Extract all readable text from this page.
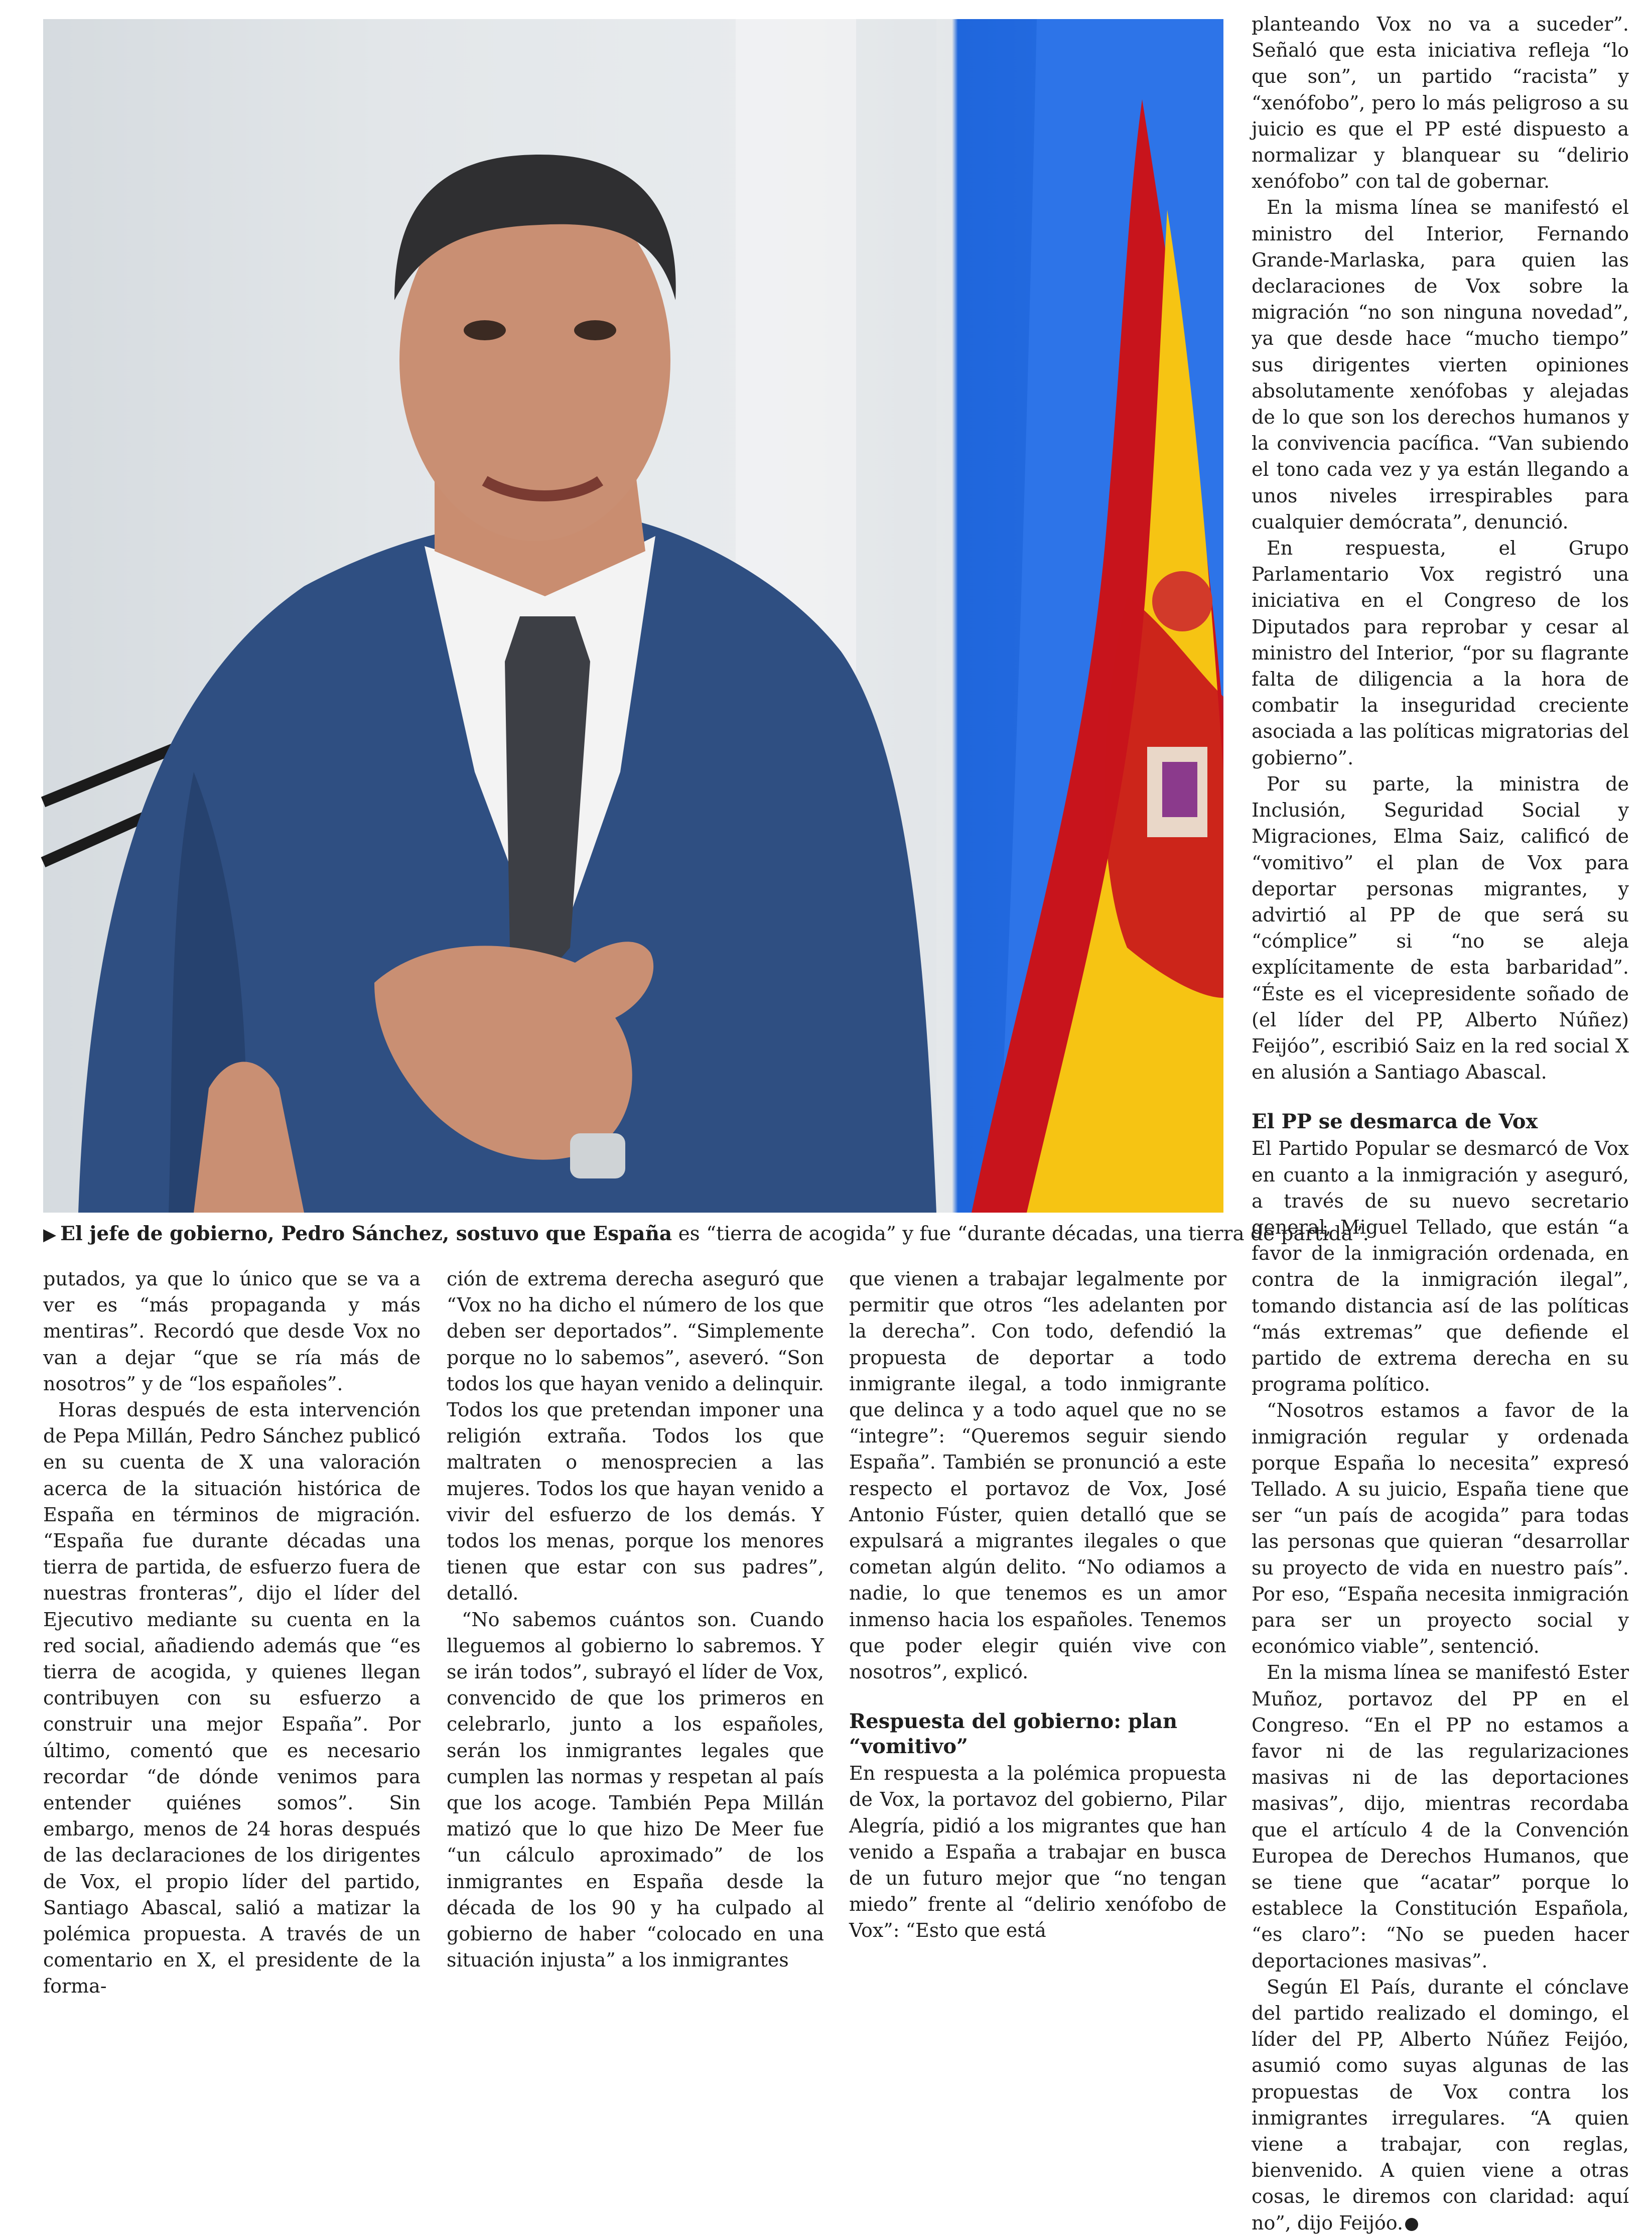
▶ El jefe de gobierno, Pedro Sánchez, sostuvo que España es “tierra de acogida” y fue “durante décadas, una tierra de partida”.

putados, ya que lo único que se va a ver es “más propaganda y más mentiras”. Recordó que desde Vox no van a dejar “que se ría más de nosotros” y de “los españoles”.

Horas después de esta intervención de Pepa Millán, Pedro Sánchez publicó en su cuenta de X una valoración acerca de la situación histórica de España en términos de migración. “España fue durante décadas una tierra de partida, de esfuerzo fuera de nuestras fronteras”, dijo el líder del Ejecutivo mediante su cuenta en la red social, añadiendo además que “es tierra de acogida, y quienes llegan contribuyen con su esfuerzo a construir una mejor España”. Por último, comentó que es necesario recordar “de dónde venimos para entender quiénes somos”. Sin embargo, menos de 24 horas después de las declaraciones de los dirigentes de Vox, el propio líder del partido, Santiago Abascal, salió a matizar la polémica propuesta. A través de un comentario en X, el presidente de la forma-

ción de extrema derecha aseguró que “Vox no ha dicho el número de los que deben ser deportados”. “Simplemente porque no lo sabemos”, aseveró. “Son todos los que hayan venido a delinquir. Todos los que pretendan imponer una religión extraña. Todos los que maltraten o menosprecien a las mujeres. Todos los que hayan venido a vivir del esfuerzo de los demás. Y todos los menas, porque los menores tienen que estar con sus padres”, detalló.

“No sabemos cuántos son. Cuando lleguemos al gobierno lo sabremos. Y se irán todos”, subrayó el líder de Vox, convencido de que los primeros en celebrarlo, junto a los españoles, serán los inmigrantes legales que cumplen las normas y respetan al país que los acoge. También Pepa Millán matizó que lo que hizo De Meer fue “un cálculo aproximado” de los inmigrantes en España desde la década de los 90 y ha culpado al gobierno de haber “colocado en una situación injusta” a los inmigrantes

que vienen a trabajar legalmente por permitir que otros “les adelanten por la derecha”. Con todo, defendió la propuesta de deportar a todo inmigrante ilegal, a todo inmigrante que delinca y a todo aquel que no se “integre”: “Queremos seguir siendo España”. También se pronunció a este respecto el portavoz de Vox, José Antonio Fúster, quien detalló que se expulsará a migrantes ilegales o que cometan algún delito. “No odiamos a nadie, lo que tenemos es un amor inmenso hacia los españoles. Tenemos que poder elegir quién vive con nosotros”, explicó.

Respuesta del gobierno: plan “vomitivo”

En respuesta a la polémica propuesta de Vox, la portavoz del gobierno, Pilar Alegría, pidió a los migrantes que han venido a España a trabajar en busca de un futuro mejor que “no tengan miedo” frente al “delirio xenófobo de Vox”: “Esto que está

planteando Vox no va a suceder”. Señaló que esta iniciativa refleja “lo que son”, un partido “racista” y “xenófobo”, pero lo más peligroso a su juicio es que el PP esté dispuesto a normalizar y blanquear su “delirio xenófobo” con tal de gobernar.

En la misma línea se manifestó el ministro del Interior, Fernando Grande-Marlaska, para quien las declaraciones de Vox sobre la migración “no son ninguna novedad”, ya que desde hace “mucho tiempo” sus dirigentes vierten opiniones absolutamente xenófobas y alejadas de lo que son los derechos humanos y la convivencia pacífica. “Van subiendo el tono cada vez y ya están llegando a unos niveles irrespirables para cualquier demócrata”, denunció.

En respuesta, el Grupo Parlamentario Vox registró una iniciativa en el Congreso de los Diputados para reprobar y cesar al ministro del Interior, “por su flagrante falta de diligencia a la hora de combatir la inseguridad creciente asociada a las políticas migratorias del gobierno”.

Por su parte, la ministra de Inclusión, Seguridad Social y Migraciones, Elma Saiz, calificó de “vomitivo” el plan de Vox para deportar personas migrantes, y advirtió al PP de que será su “cómplice” si “no se aleja explícitamente de esta barbaridad”. “Éste es el vicepresidente soñado de (el líder del PP, Alberto Núñez) Feijóo”, escribió Saiz en la red social X en alusión a Santiago Abascal.

El PP se desmarca de Vox

El Partido Popular se desmarcó de Vox en cuanto a la inmigración y aseguró, a través de su nuevo secretario general, Miguel Tellado, que están “a favor de la inmigración ordenada, en contra de la inmigración ilegal”, tomando distancia así de las políticas “más extremas” que defiende el partido de extrema derecha en su programa político.

“Nosotros estamos a favor de la inmigración regular y ordenada porque España lo necesita” expresó Tellado. A su juicio, España tiene que ser “un país de acogida” para todas las personas que quieran “desarrollar su proyecto de vida en nuestro país”. Por eso, “España necesita inmigración para ser un proyecto social y económico viable”, sentenció.

En la misma línea se manifestó Ester Muñoz, portavoz del PP en el Congreso. “En el PP no estamos a favor ni de las regularizaciones masivas ni de las deportaciones masivas”, dijo, mientras recordaba que el artículo 4 de la Convención Europea de Derechos Humanos, que se tiene que “acatar” porque lo establece la Constitución Española, “es claro”: “No se pueden hacer deportaciones masivas”.

Según El País, durante el cónclave del partido realizado el domingo, el líder del PP, Alberto Núñez Feijóo, asumió como suyas algunas de las propuestas de Vox contra los inmigrantes irregulares. “A quien viene a trabajar, con reglas, bienvenido. A quien viene a otras cosas, le diremos con claridad: aquí no”, dijo Feijóo.
